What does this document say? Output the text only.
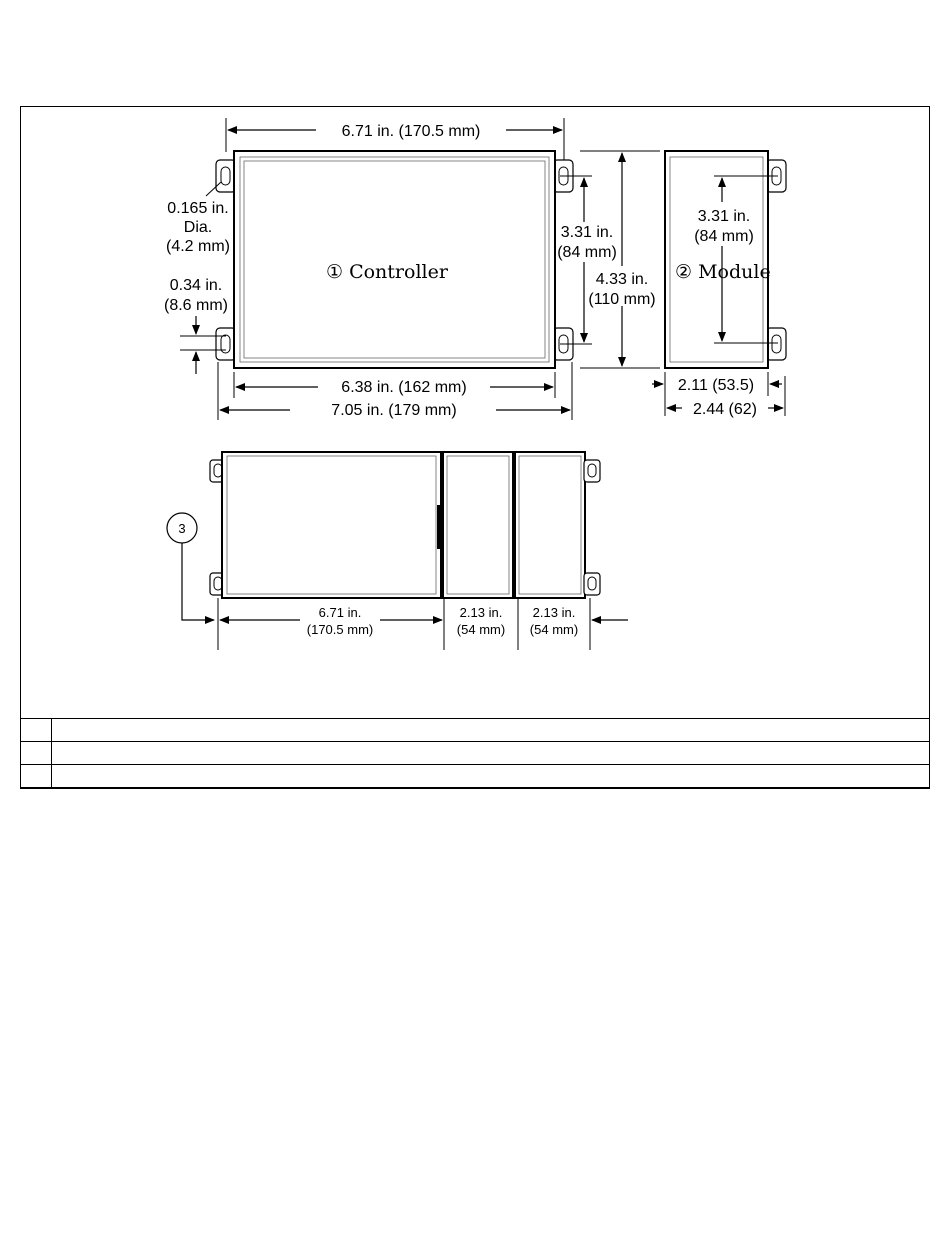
① Controller
6.71 in. (170.5 mm)
0.165 in.
Dia.
(4.2 mm)
0.34 in.
(8.6 mm)
3.31 in.
(84 mm)
4.33 in.
(110 mm)
6.38 in. (162 mm)
7.05 in. (179 mm)
② Module
3.31 in.
(84 mm)
2.11 (53.5)
2.44 (62)
3
6.71 in.
(170.5 mm)
2.13 in.
(54 mm)
2.13 in.
(54 mm)
